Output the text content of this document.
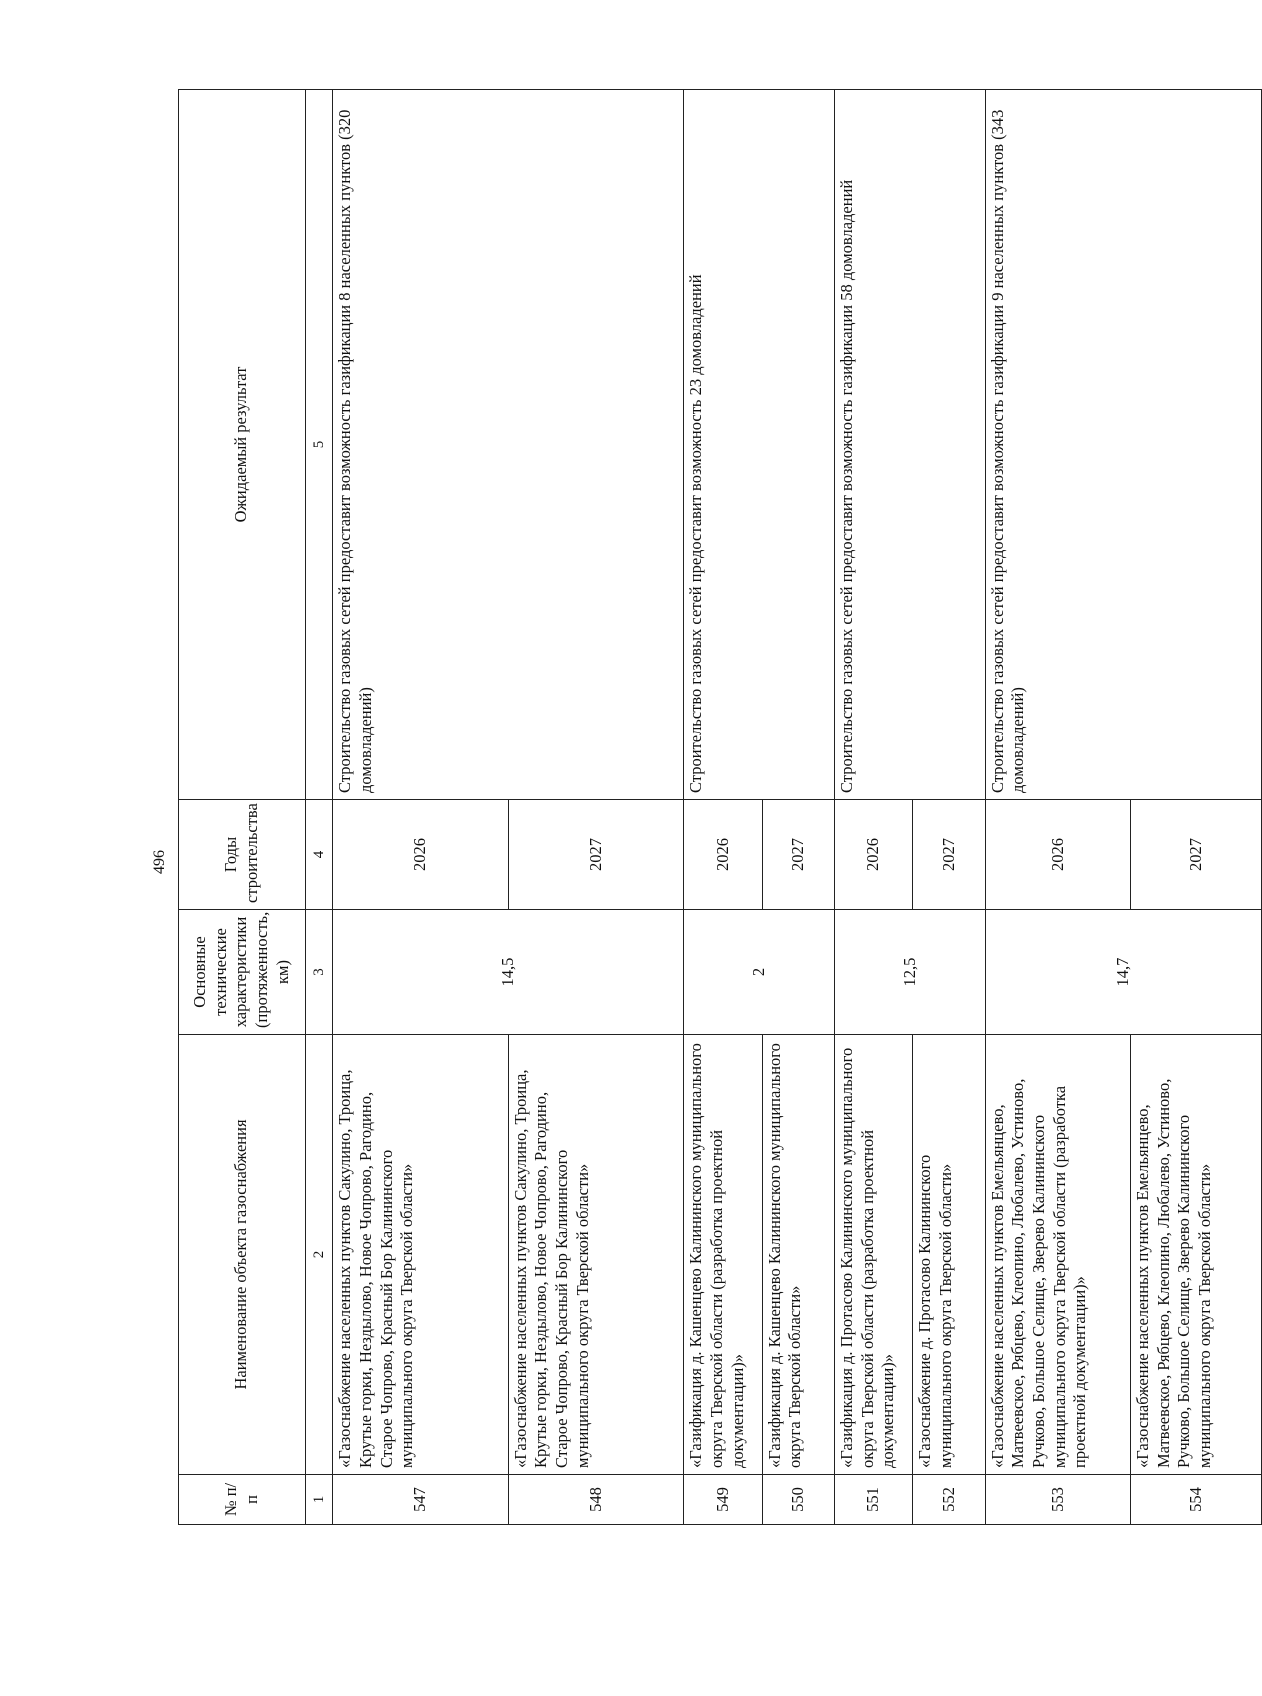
496
№ п/п	Наименование объекта газоснабжения	Основные технические характеристики (протяженность, км)	Годы строительства	Ожидаемый результат
1	2	3	4	5
547	«Газоснабжение населенных пунктов Сакулино, Троица, Крутые горки, Нездылово, Новое Чопрово, Рагодино, Старое Чопрово, Красный Бор Калининского муниципального округа Тверской области»	14,5	2026	Строительство газовых сетей предоставит возможность газификации 8 населенных пунктов (320 домовладений)
548	«Газоснабжение населенных пунктов Сакулино, Троица, Крутые горки, Нездылово, Новое Чопрово, Рагодино, Старое Чопрово, Красный Бор Калининского муниципального округа Тверской области»		2027	
549	«Газификация д. Кашенцево Калининского муниципального округа Тверской области (разработка проектной документации)»	2	2026	Строительство газовых сетей предоставит возможность 23 домовладений
550	«Газификация д. Кашенцево Калининского муниципального округа Тверской области»		2027	
551	«Газификация д. Протасово Калининского муниципального округа Тверской области (разработка проектной документации)»	12,5	2026	Строительство газовых сетей предоставит возможность газификации 58 домовладений
552	«Газоснабжение д. Протасово Калининского муниципального округа Тверской области»		2027	
553	«Газоснабжение населенных пунктов Емельянцево, Матвеевское, Рябцево, Клеопино, Любалево, Устиново, Ручково, Большое Селище, Зверево Калининского муниципального округа Тверской области (разработка проектной документации)»	14,7	2026	Строительство газовых сетей предоставит возможность газификации 9 населенных пунктов (343 домовладений)
554	«Газоснабжение населенных пунктов Емельянцево, Матвеевское, Рябцево, Клеопино, Любалево, Устиново, Ручково, Большое Селище, Зверево Калининского муниципального округа Тверской области»		2027	
